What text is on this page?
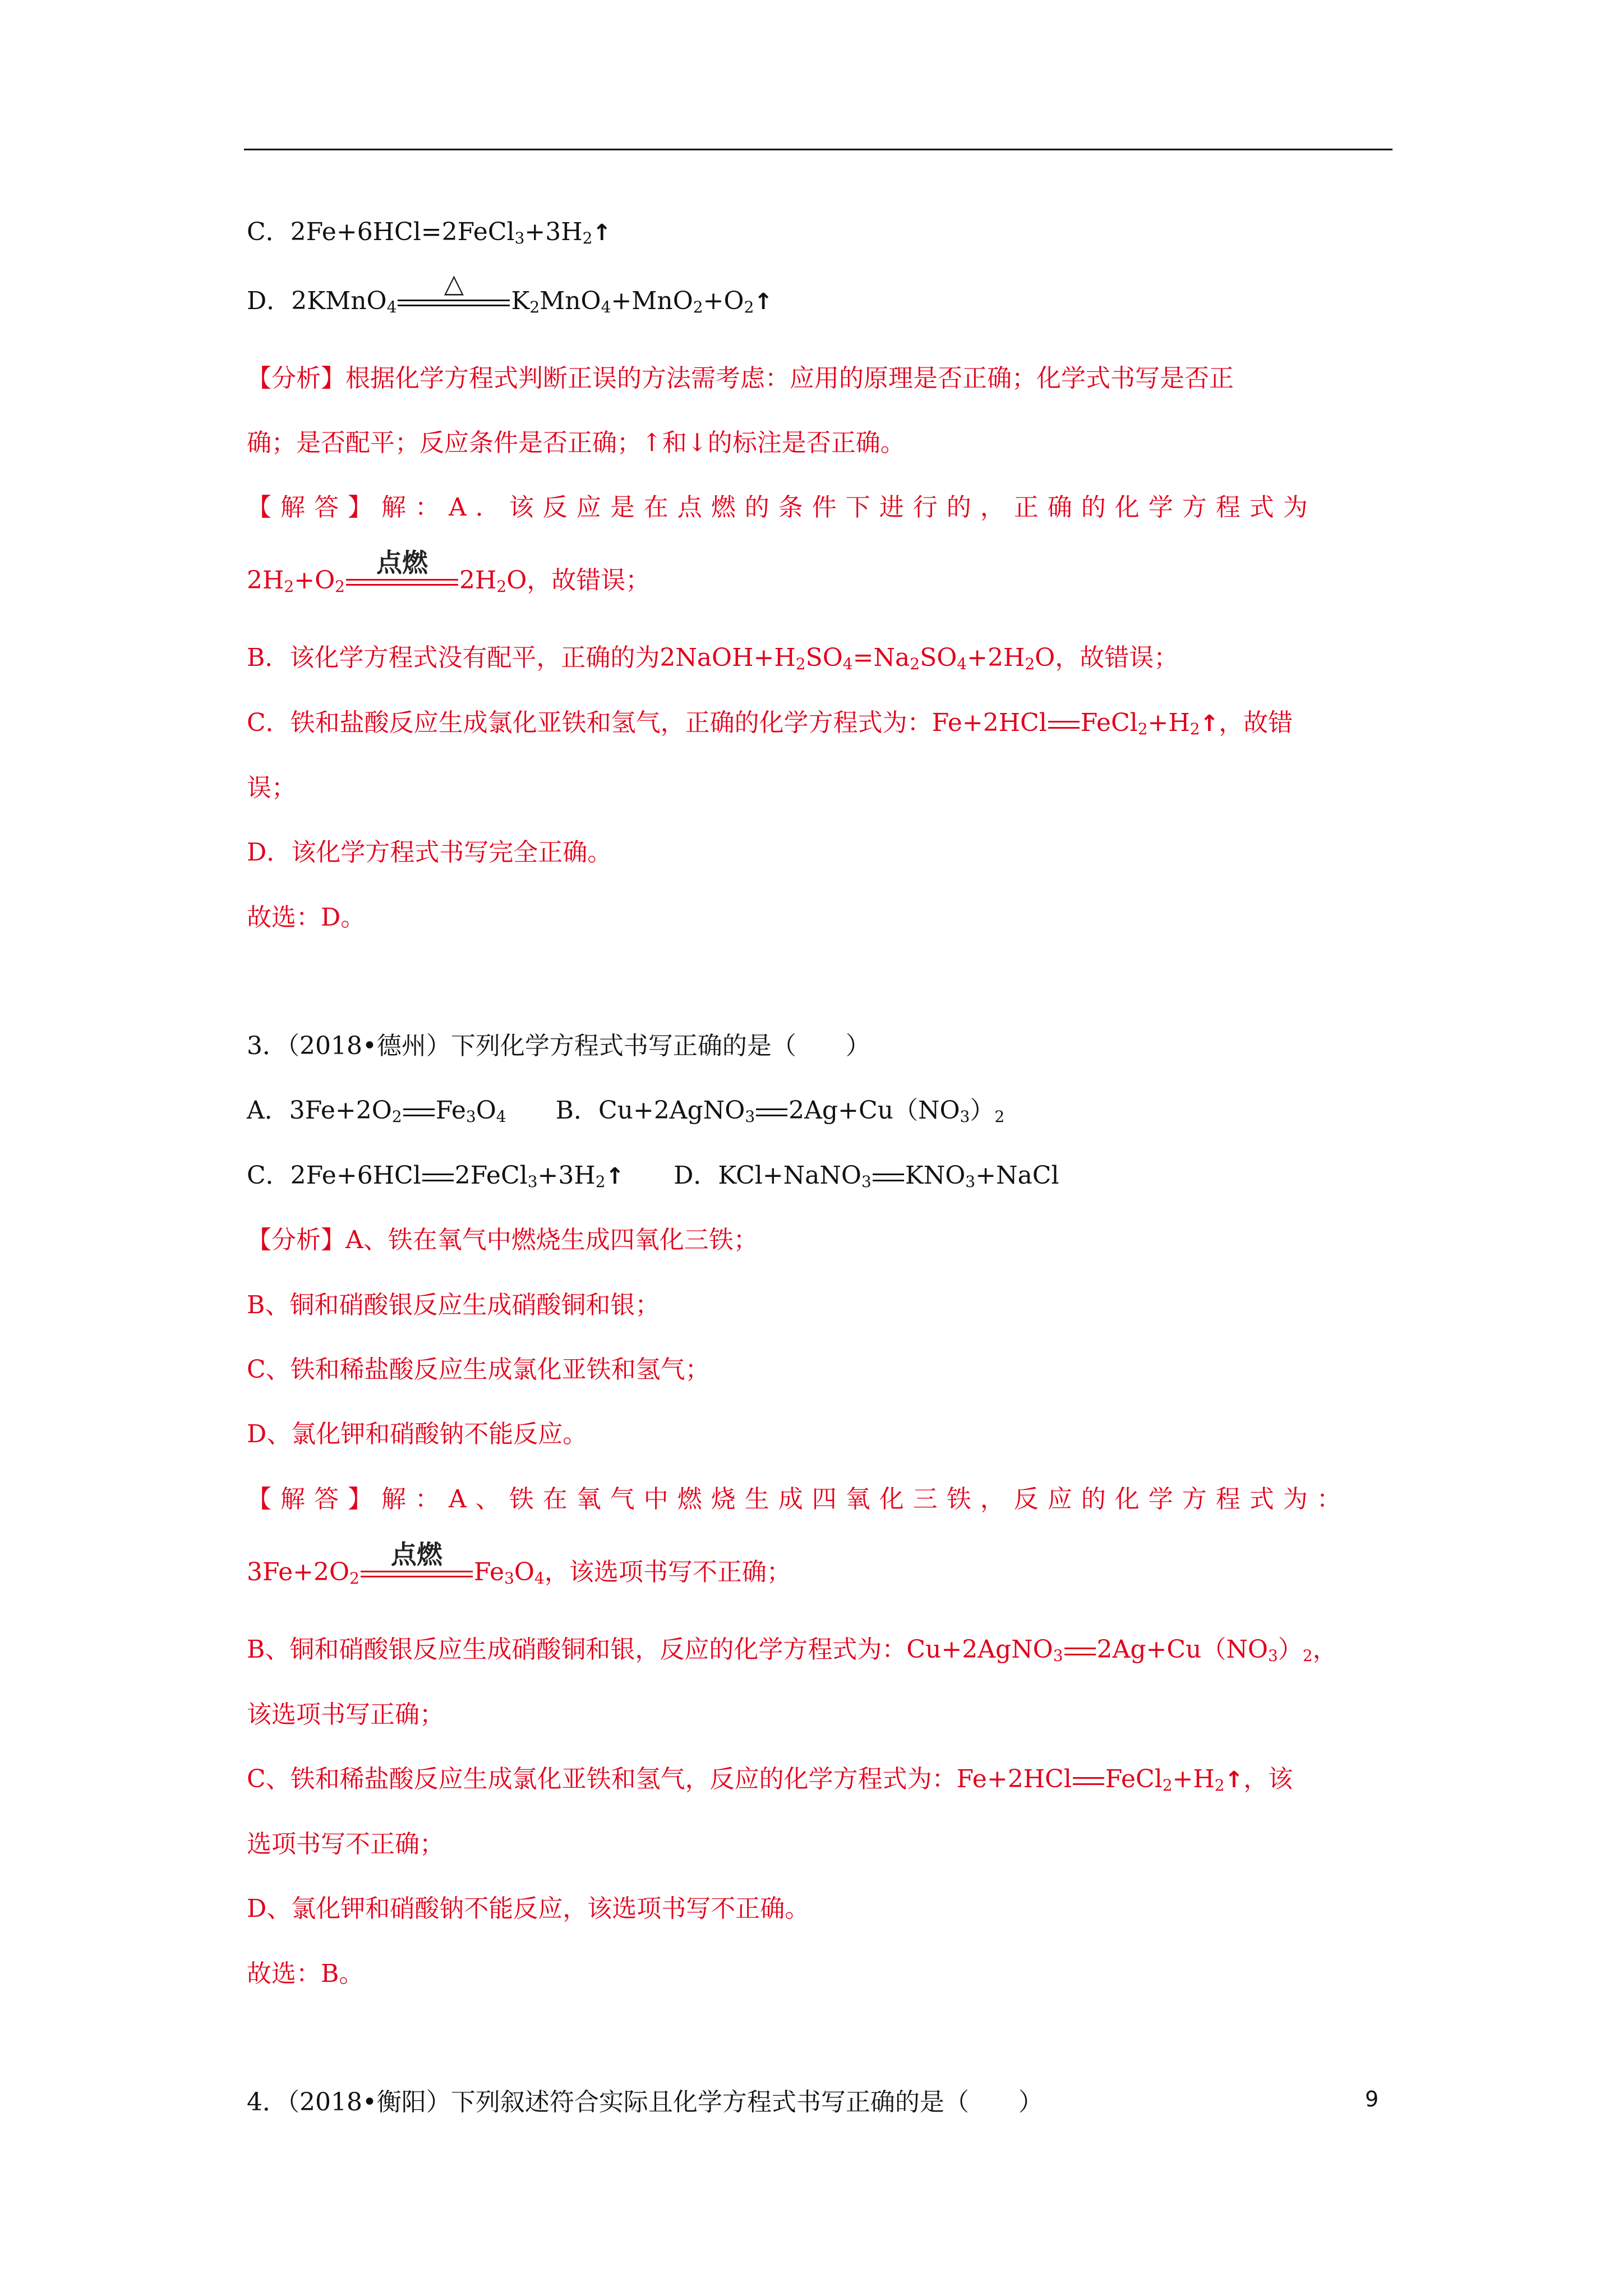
C．$2Fe+6HCl=2FeCl_3+3H_2↑$
D．2KMnO$_4$
△
$K_2MnO_4+MnO_2+O_2↑$
【分析】根据化学方程式判断正误的方法需考虑：应用的原理是否正确；化学式书写是否正
确；是否配平；反应条件是否正确；↑和↓的标注是否正确。
【解答】解：A．该反应是在点燃的条件下进行的，正确的化学方程式为
$2H_2+O_2$
点燃
$2H_2O$，故错误；
B．该化学方程式没有配平，正确的为$2NaOH+H_2SO_4=Na_2SO_4+2H_2O$，故错误；
C．铁和盐酸反应生成氯化亚铁和氢气，正确的化学方程式为：Fe+2HCl $FeCl_2+H_2↑$，故错
误；
D．该化学方程式书写完全正确。
故选：D。
3．（2018•德州）下列化学方程式书写正确的是（　　）
A．$3Fe+2O_2$ $Fe_3O_4$　　 B．Cu+2AgNO$_3$ $2Ag+Cu(NO_3)_2$
C．2Fe+6HCl $2FeCl_3+3H_2↑$　　 D．KCl+NaNO$_3$ $KNO_3+NaCl$
【分析】A、铁在氧气中燃烧生成四氧化三铁；
B、铜和硝酸银反应生成硝酸铜和银；
C、铁和稀盐酸反应生成氯化亚铁和氢气；
D、氯化钾和硝酸钠不能反应。
【解答】解：A、铁在氧气中燃烧生成四氧化三铁，反应的化学方程式为：
$3Fe+2O_2$
点燃
$Fe_3O_4$，该选项书写不正确；
B、铜和硝酸银反应生成硝酸铜和银，反应的化学方程式为：Cu+2AgNO$_3$ $2Ag+Cu(NO_3)_2$，
该选项书写正确；
C、铁和稀盐酸反应生成氯化亚铁和氢气，反应的化学方程式为：Fe+2HCl $FeCl_2+H_2↑$，该
选项书写不正确；
D、氯化钾和硝酸钠不能反应，该选项书写不正确。
故选：B。
4．（2018•衡阳）下列叙述符合实际且化学方程式书写正确的是（　　）	9
